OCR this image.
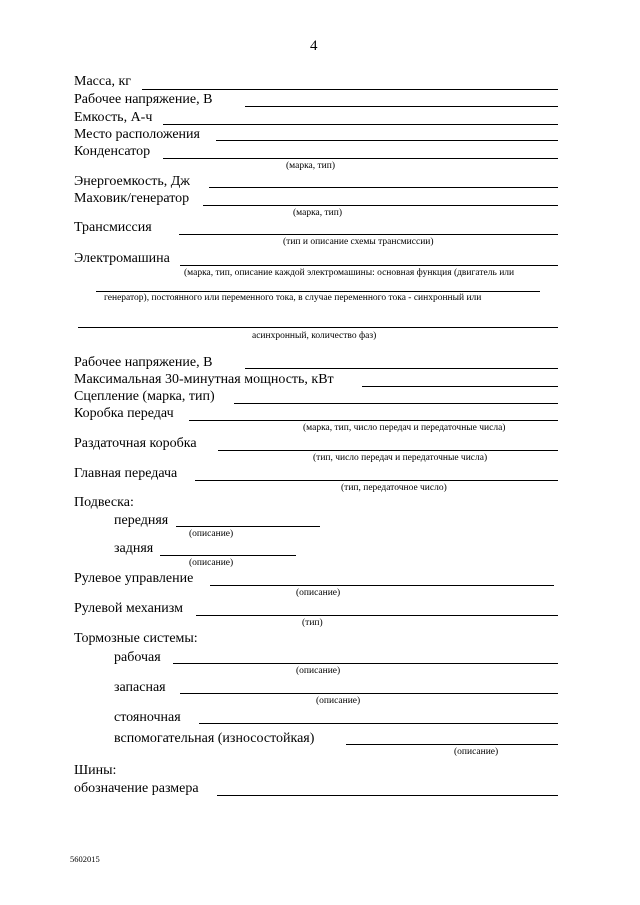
4
Масса, кг
Рабочее напряжение, В
Емкость, А-ч
Место расположения
Конденсатор
(марка, тип)
Энергоемкость, Дж
Маховик/генератор
(марка, тип)
Трансмиссия
(тип и описание схемы трансмиссии)
Электромашина
(марка, тип, описание каждой электромашины: основная функция (двигатель или
генератор), постоянного или переменного тока, в случае переменного тока - синхронный или
асинхронный, количество фаз)
Рабочее напряжение, В
Максимальная 30-минутная мощность, кВт
Сцепление (марка, тип)
Коробка передач
(марка, тип, число передач и передаточные числа)
Раздаточная коробка
(тип, число передач и передаточные числа)
Главная передача
(тип, передаточное число)
Подвеска:
передняя
(описание)
задняя
(описание)
Рулевое управление
(описание)
Рулевой механизм
(тип)
Тормозные системы:
рабочая
(описание)
запасная
(описание)
стояночная
вспомогательная (износостойкая)
(описание)
Шины:
обозначение размера
5602015
